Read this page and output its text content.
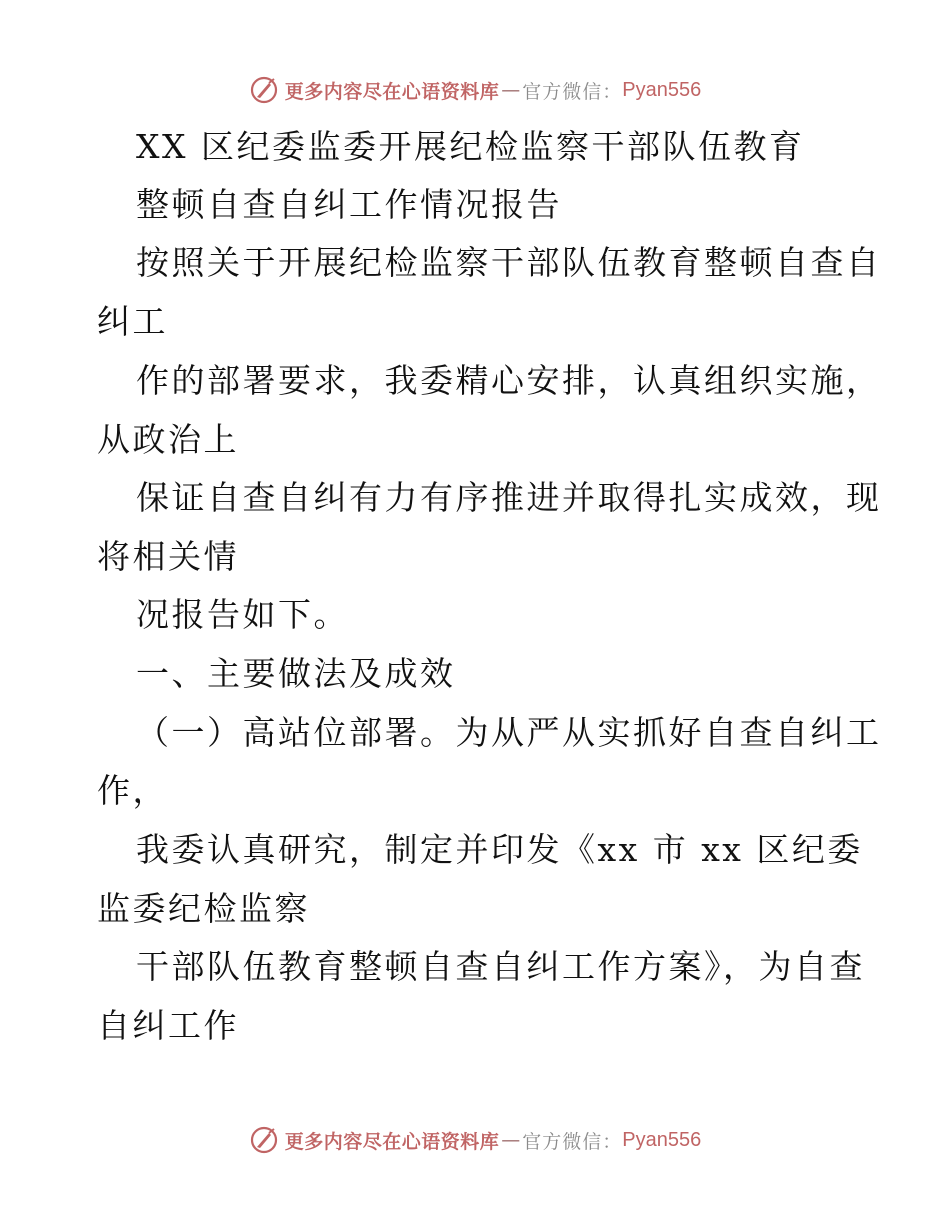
更多内容尽在心语资料库 — 官方微信： Pyan556
XX 区纪委监委开展纪检监察干部队伍教育
整顿自查自纠工作情况报告
按照关于开展纪检监察干部队伍教育整顿自查自
纠工
作的部署要求，我委精心安排，认真组织实施，
从政治上
保证自查自纠有力有序推进并取得扎实成效，现
将相关情
况报告如下。
一、主要做法及成效
（一）高站位部署。为从严从实抓好自查自纠工
作，
我委认真研究，制定并印发《xx 市 xx 区纪委
监委纪检监察
干部队伍教育整顿自查自纠工作方案》，为自查
自纠工作
更多内容尽在心语资料库 — 官方微信： Pyan556
